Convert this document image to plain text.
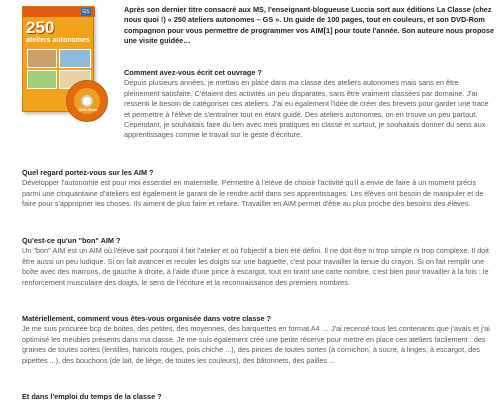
GS
250
ateliers autonomes
DVD-Rom

Après son dernier titre consacré aux MS, l'enseignant-blogueuse Luccia sort aux éditions La Classe (chez nous quoi !) « 250 ateliers autonomes – GS ». Un guide de 100 pages, tout en couleurs, et son DVD-Rom compagnon pour vous permettre de programmer vos AIM[1] pour toute l'année. Son auteure nous propose une visite guidée…

Comment avez-vous écrit cet ouvrage ?

Depuis plusieurs années, je mettais en place dans ma classe des ateliers autonomes mais sans en être pleinement satisfaite. C'étaient des activités un peu disparates, sans être vraiment classées par domaine. J'ai ressenti le besoin de catégoriser ces ateliers. J'ai eu également l'idée de créer des brevets pour garder une trace et permettre à l'élève de s'entraîner tout en étant guidé. Des ateliers autonomes, on en trouve un peu partout. Cependant, je souhaitais faire du lien avec mes pratiques en classe et surtout, je souhaitais donner du sens aux apprentissages comme le travail sur le geste d'écriture.

Quel regard portez-vous sur les AIM ?

Développer l'autonomie est pour moi essentiel en maternelle. Permettre à l'élève de choisir l'activité qu'il a envie de faire à un moment précis parmi une cinquantaine d'ateliers est également le garant de le rendre actif dans ses apprentissages. Les élèves ont besoin de manipuler et de faire pour s'approprier les choses. Ils aiment de plus faire et refaire. Travailler en AIM permet d'être au plus proche des besoins des élèves.

Qu'est-ce qu'un "bon" AIM ?

Un "bon" AIM est un AIM où l'élève sait pourquoi il fait l'atelier et où l'objectif a bien été défini. Il ne doit être ni trop simple ni trop complexe. Il doit être aussi un peu ludique. Si on fait avancer et reculer les doigts sur une baguette, c'est pour travailler la tenue du crayon. Si on fait remplir une boîte avec des marrons, de gauche à droite, à l'aide d'une pince à escargot, tout en tirant une carte nombre, c'est bien pour travailler à la fois : le renforcement musculaire des doigts, le sens de l'écriture et la reconnaissance des premiers nombres.

Matériellement, comment vous êtes-vous organisée dans votre classe ?

Je me suis procurée bcp de boites, des petites, des moyennes, des barquettes en format A4 … J'ai recensé tous les contenants que j'avais et j'ai optimisé les meubles présents dans ma classe. Je me suis également créé une petite réserve pour mettre en place ces ateliers facilement : des graines de toutes sortes (lentilles, haricots rouges, pois chiche ...), des pinces de toutes sortes (à cornichon, à sucre, à linges, à escargot, des pipettes ...), des bouchons (de lait, de liège, de toutes les couleurs), des bâtonnets, des pailles ...

Et dans l'emploi du temps de la classe ?
